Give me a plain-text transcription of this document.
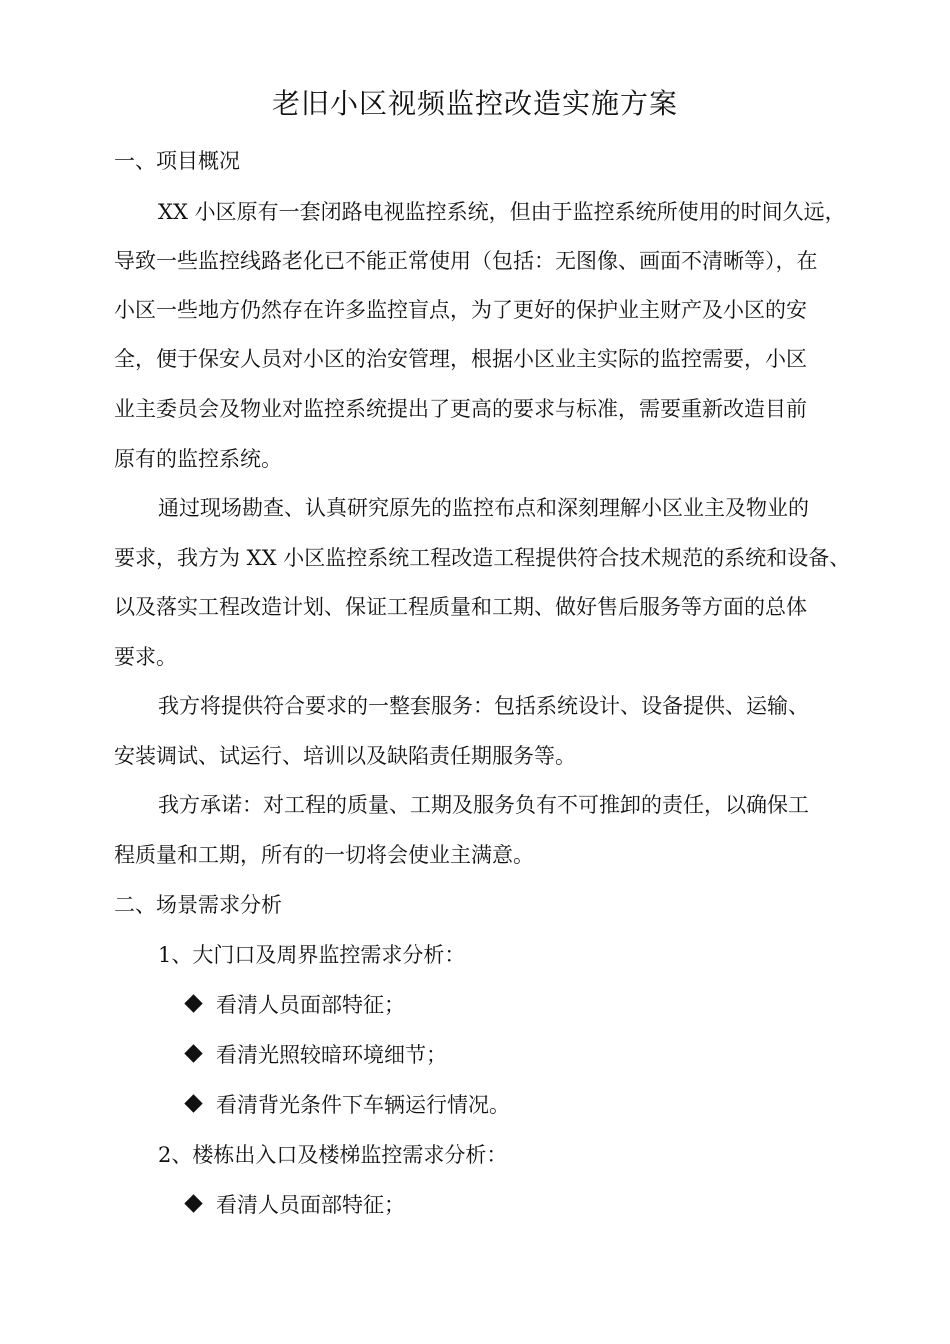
老旧小区视频监控改造实施方案
一、项目概况
XX 小区原有一套闭路电视监控系统，但由于监控系统所使用的时间久远，
导致一些监控线路老化已不能正常使用（包括：无图像、画面不清晰等），在
小区一些地方仍然存在许多监控盲点，为了更好的保护业主财产及小区的安
全，便于保安人员对小区的治安管理，根据小区业主实际的监控需要，小区
业主委员会及物业对监控系统提出了更高的要求与标准，需要重新改造目前
原有的监控系统。
通过现场勘查、认真研究原先的监控布点和深刻理解小区业主及物业的
要求，我方为 XX 小区监控系统工程改造工程提供符合技术规范的系统和设备、
以及落实工程改造计划、保证工程质量和工期、做好售后服务等方面的总体
要求。
我方将提供符合要求的一整套服务：包括系统设计、设备提供、运输、
安装调试、试运行、培训以及缺陷责任期服务等。
我方承诺：对工程的质量、工期及服务负有不可推卸的责任，以确保工
程质量和工期，所有的一切将会使业主满意。
二、场景需求分析
1、大门口及周界监控需求分析：
看清人员面部特征；
看清光照较暗环境细节；
看清背光条件下车辆运行情况。
2、楼栋出入口及楼梯监控需求分析：
看清人员面部特征；
